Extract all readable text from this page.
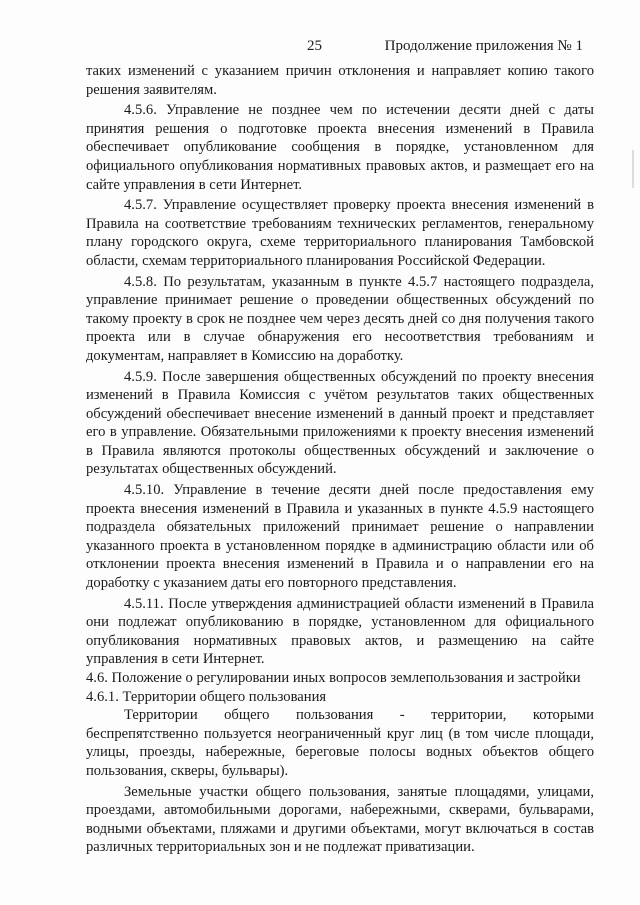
25	Продолжение приложения № 1

таких изменений с указанием причин отклонения и направляет копию такого решения заявителям.

4.5.6. Управление не позднее чем по истечении десяти дней с даты принятия решения о подготовке проекта внесения изменений в Правила обеспечивает опубликование сообщения в порядке, установленном для официального опубликования нормативных правовых актов, и размещает его на сайте управления в сети Интернет.

4.5.7. Управление осуществляет проверку проекта внесения изменений в Правила на соответствие требованиям технических регламентов, генеральному плану городского округа, схеме территориального планирования Тамбовской области, схемам территориального планирования Российской Федерации.

4.5.8. По результатам, указанным в пункте 4.5.7 настоящего подраздела, управление принимает решение о проведении общественных обсуждений по такому проекту в срок не позднее чем через десять дней со дня получения такого проекта или в случае обнаружения его несоответствия требованиям и документам, направляет в Комиссию на доработку.

4.5.9. После завершения общественных обсуждений по проекту внесения изменений в Правила Комиссия с учётом результатов таких общественных обсуждений обеспечивает внесение изменений в данный проект и представляет его в управление. Обязательными приложениями к проекту внесения изменений в Правила являются протоколы общественных обсуждений и заключение о результатах общественных обсуждений.

4.5.10. Управление в течение десяти дней после предоставления ему проекта внесения изменений в Правила и указанных в пункте 4.5.9 настоящего подраздела обязательных приложений принимает решение о направлении указанного проекта в установленном порядке в администрацию области или об отклонении проекта внесения изменений в Правила и о направлении его на доработку с указанием даты его повторного представления.

4.5.11. После утверждения администрацией области изменений в Правила они подлежат опубликованию в порядке, установленном для официального опубликования нормативных правовых актов, и размещению на сайте управления в сети Интернет.

4.6. Положение о регулировании иных вопросов землепользования и застройки

4.6.1. Территории общего пользования

Территории общего пользования - территории, которыми беспрепятственно пользуется неограниченный круг лиц (в том числе площади, улицы, проезды, набережные, береговые полосы водных объектов общего пользования, скверы, бульвары).

Земельные участки общего пользования, занятые площадями, улицами, проездами, автомобильными дорогами, набережными, скверами, бульварами, водными объектами, пляжами и другими объектами, могут включаться в состав различных территориальных зон и не подлежат приватизации.
